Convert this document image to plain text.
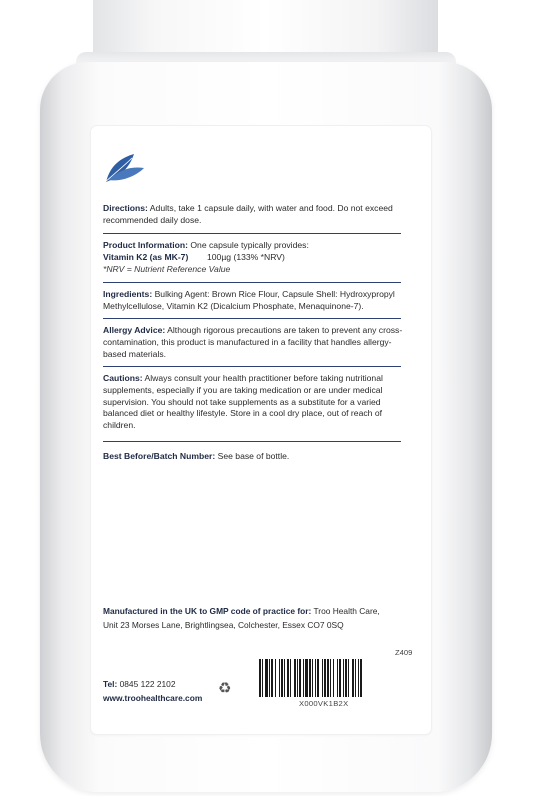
Directions: Adults, take 1 capsule daily, with water and food. Do not exceed recommended daily dose.
Product Information: One capsule typically provides:
Vitamin K2 (as MK-7)	100µg (133% *NRV)
*NRV = Nutrient Reference Value
Ingredients: Bulking Agent: Brown Rice Flour, Capsule Shell: Hydroxypropyl Methylcellulose, Vitamin K2 (Dicalcium Phosphate, Menaquinone-7).
Allergy Advice: Although rigorous precautions are taken to prevent any cross-contamination, this product is manufactured in a facility that handles allergy-based materials.
Cautions: Always consult your health practitioner before taking nutritional supplements, especially if you are taking medication or are under medical supervision. You should not take supplements as a substitute for a varied balanced diet or healthy lifestyle. Store in a cool dry place, out of reach of children.
Best Before/Batch Number: See base of bottle.
Manufactured in the UK to GMP code of practice for: Troo Health Care,
Unit 23 Morses Lane, Brightlingsea, Colchester, Essex CO7 0SQ
Tel: 0845 122 2102
www.troohealthcare.com
♻
Z409
X000VK1B2X
